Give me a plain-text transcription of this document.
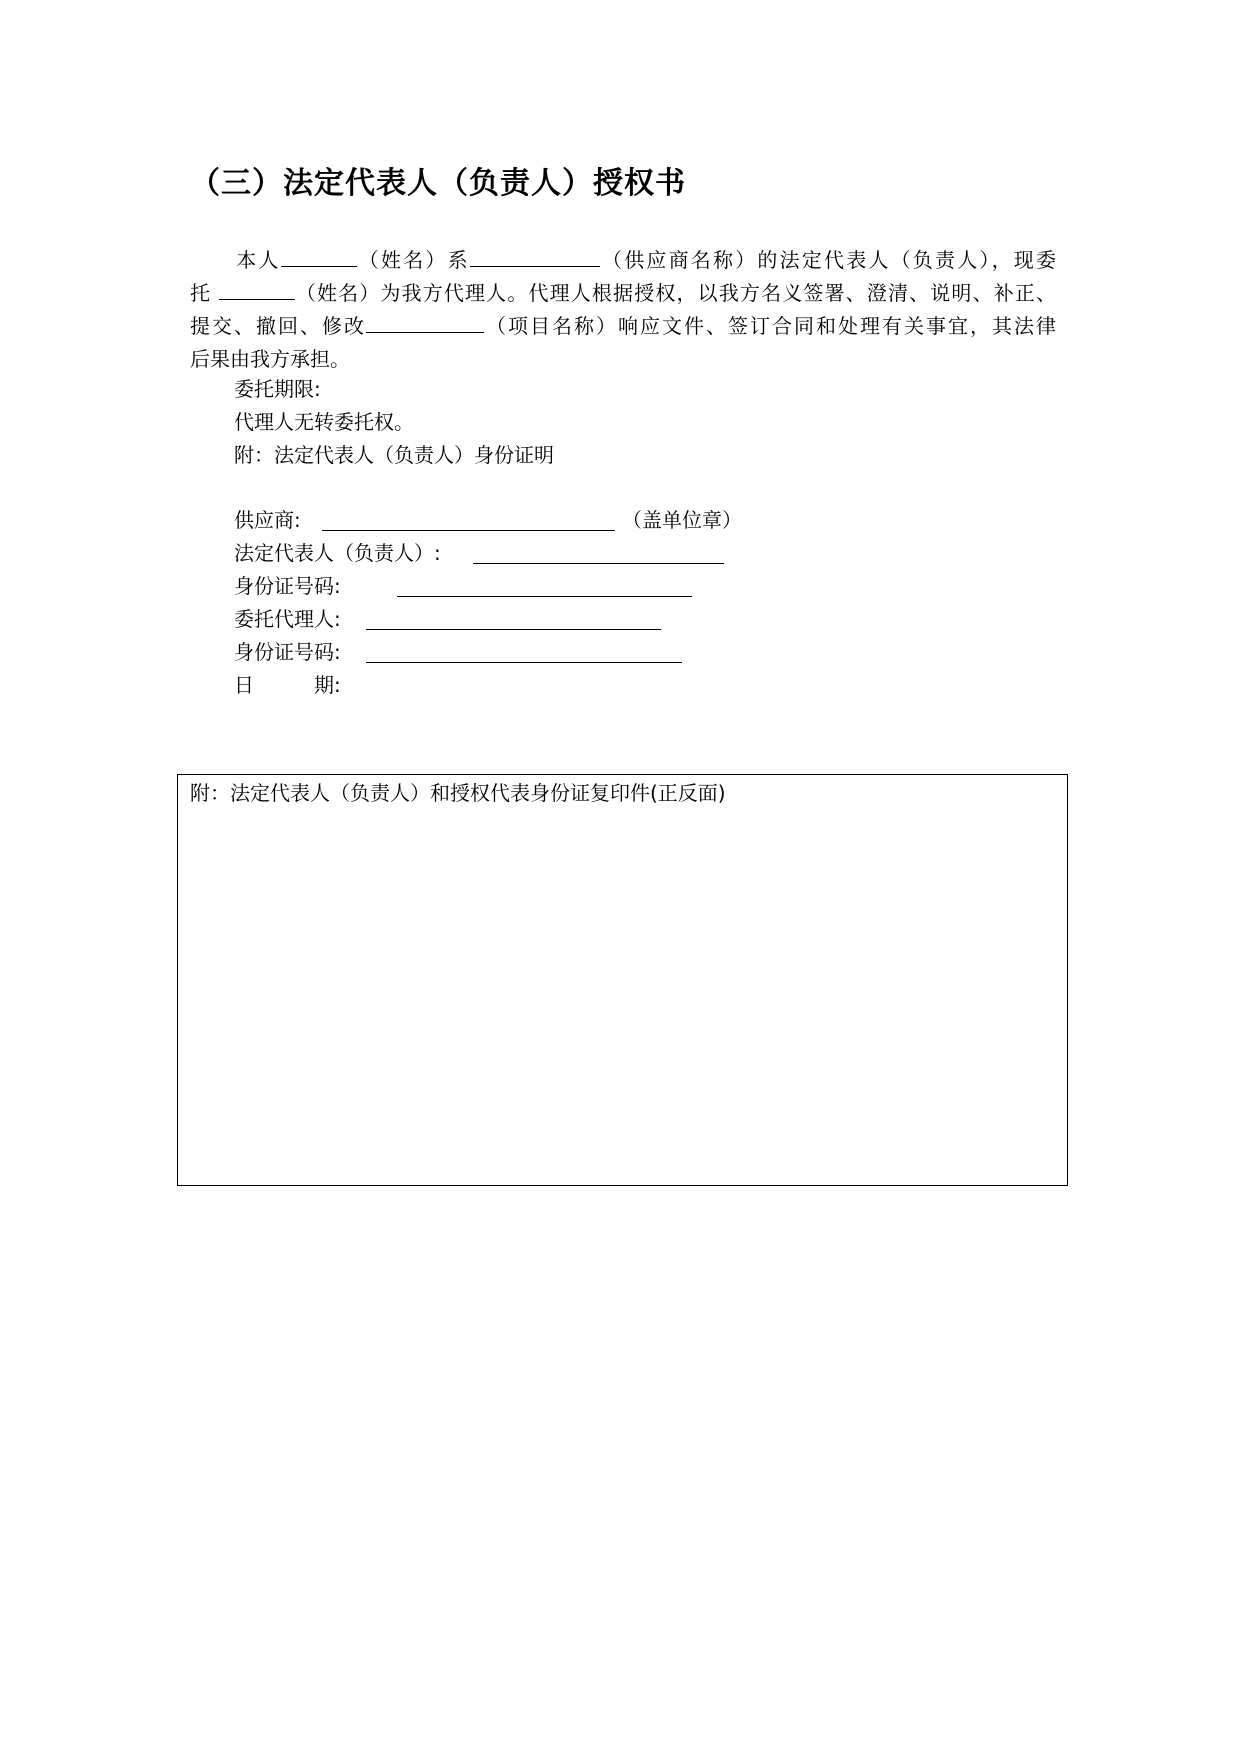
（三）法定代表人（负责人）授权书
本人	（姓名）系	（供应商名称）的法定代表人（负责人），现委
托	（姓名）为我方代理人。代理人根据授权，以我方名义签署、澄清、说明、补正、
提交、撤回、修改	（项目名称）响应文件、签订合同和处理有关事宜，其法律
后果由我方承担。
委托期限:
代理人无转委托权。
附：法定代表人（负责人）身份证明
供应商:	（盖单位章）
法定代表人（负责人）:
身份证号码:
委托代理人:
身份证号码:
日　　　期:
附：法定代表人（负责人）和授权代表身份证复印件(正反面)
